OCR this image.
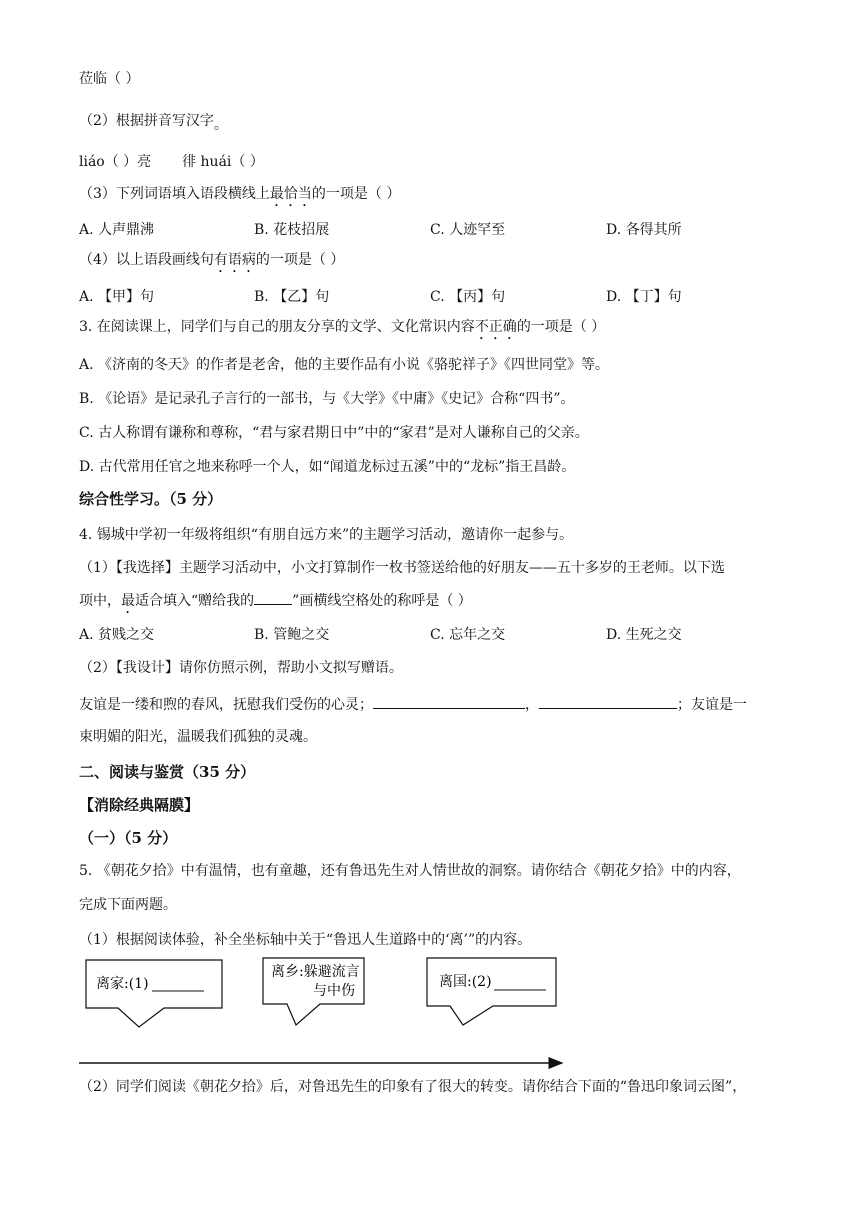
莅临（ ）
（2）根据拼音写汉字。
liáo（ ）亮 徘 huái（ ）
（3）下列词语填入语段横线上最恰当的一项是（ ）
A. 人声鼎沸	B. 花枝招展	C. 人迹罕至	D. 各得其所
（4）以上语段画线句有语病的一项是（ ）
A. 【甲】句	B. 【乙】句	C. 【丙】句	D. 【丁】句
3. 在阅读课上，同学们与自己的朋友分享的文学、文化常识内容不正确的一项是（ ）
A. 《济南的冬天》的作者是老舍，他的主要作品有小说《骆驼祥子》《四世同堂》等。
B. 《论语》是记录孔子言行的一部书，与《大学》《中庸》《史记》合称“四书”。
C. 古人称谓有谦称和尊称，“君与家君期日中”中的“家君”是对人谦称自己的父亲。
D. 古代常用任官之地来称呼一个人，如“闻道龙标过五溪”中的“龙标”指王昌龄。
综合性学习。（5 分）
4. 锡城中学初一年级将组织“有朋自远方来”的主题学习活动，邀请你一起参与。
（1）【我选择】主题学习活动中，小文打算制作一枚书签送给他的好朋友——五十多岁的王老师。以下选
项中，最适合填入“赠给我的	”画横线空格处的称呼是（ ）
A. 贫贱之交	B. 管鲍之交	C. 忘年之交	D. 生死之交
（2）【我设计】请你仿照示例，帮助小文拟写赠语。
友谊是一缕和煦的春风，抚慰我们受伤的心灵；	，	；友谊是一
束明媚的阳光，温暖我们孤独的灵魂。
二、阅读与鉴赏（35 分）
【消除经典隔膜】
（一）（5 分）
5. 《朝花夕拾》中有温情，也有童趣，还有鲁迅先生对人情世故的洞察。请你结合《朝花夕拾》中的内容，
完成下面两题。
（1）根据阅读体验，补全坐标轴中关于“鲁迅人生道路中的‘离’”的内容。
离家:(1)
离乡:躲避流言
与中伤
离国:(2)
（2）同学们阅读《朝花夕拾》后，对鲁迅先生的印象有了很大的转变。请你结合下面的“鲁迅印象词云图”，
